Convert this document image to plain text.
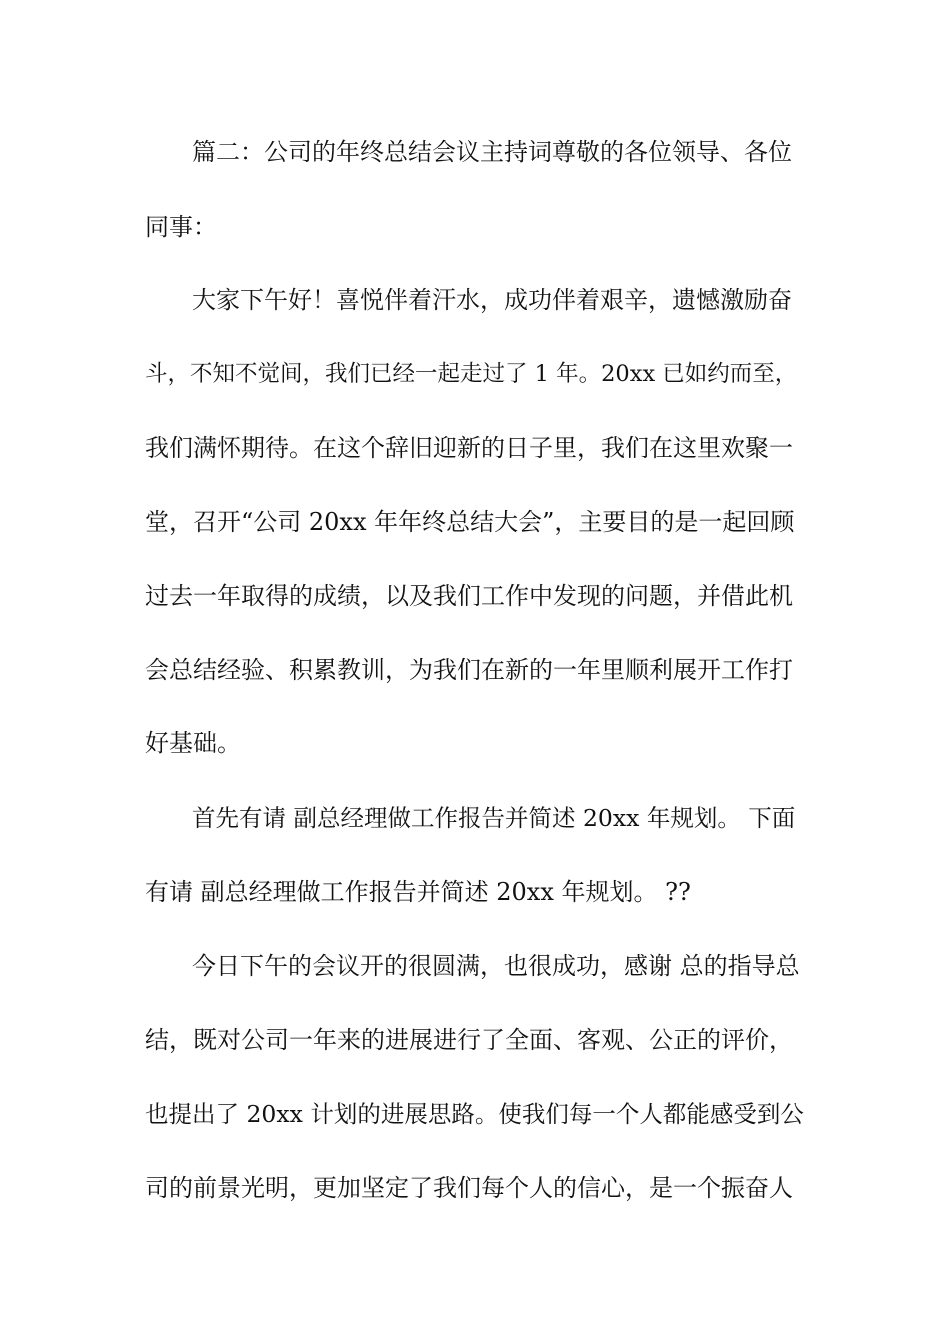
篇二：公司的年终总结会议主持词尊敬的各位领导、各位

同事：

大家下午好！喜悦伴着汗水，成功伴着艰辛，遗憾激励奋

斗，不知不觉间，我们已经一起走过了 1 年。20xx 已如约而至，

我们满怀期待。在这个辞旧迎新的日子里，我们在这里欢聚一

堂，召开“公司 20xx 年年终总结大会”，主要目的是一起回顾

过去一年取得的成绩，以及我们工作中发现的问题，并借此机

会总结经验、积累教训，为我们在新的一年里顺利展开工作打

好基础。

首先有请 副总经理做工作报告并简述 20xx 年规划。 下面

有请 副总经理做工作报告并简述 20xx 年规划。 ??

今日下午的会议开的很圆满，也很成功，感谢 总的指导总

结，既对公司一年来的进展进行了全面、客观、公正的评价，

也提出了 20xx 计划的进展思路。使我们每一个人都能感受到公

司的前景光明，更加坚定了我们每个人的信心，是一个振奋人
